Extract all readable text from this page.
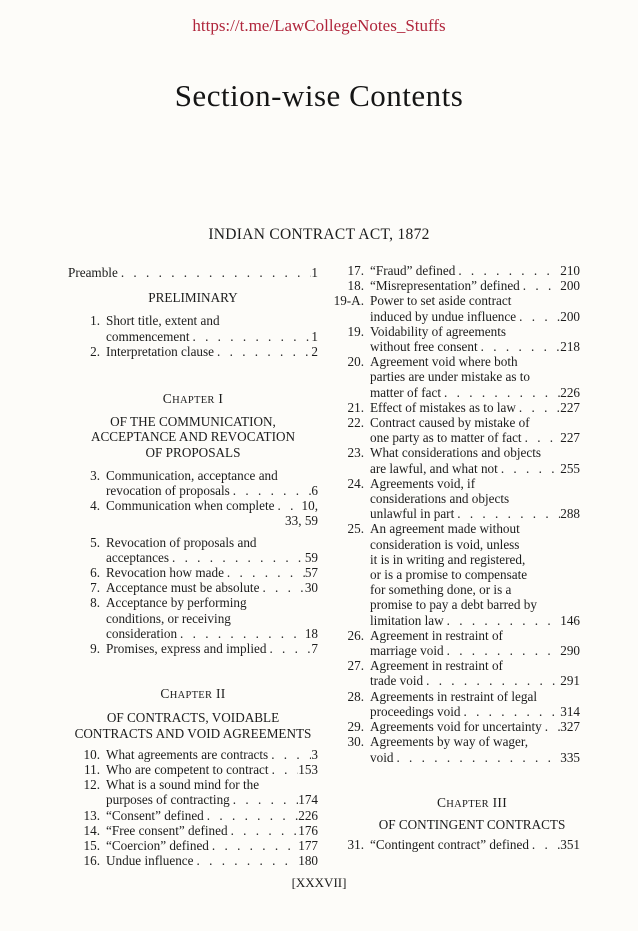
https://t.me/LawCollegeNotes_Stuffs
Section-wise Contents
INDIAN CONTRACT ACT, 1872
Preamble . . .	1
PRELIMINARY
1. Short title, extent and
commencement . . .	1
2. Interpretation clause . . .	2
CHAPTER I
OF THE COMMUNICATION,
ACCEPTANCE AND REVOCATION
OF PROPOSALS
3. Communication, acceptance and
revocation of proposals . . .	6
4. Communication when complete . . . 10,
33, 59
5. Revocation of proposals and
acceptances . . .	59
6. Revocation how made . . .	57
7. Acceptance must be absolute . . .	30
8. Acceptance by performing
conditions, or receiving
consideration . . .	18
9. Promises, express and implied . . .	7
CHAPTER II
OF CONTRACTS, VOIDABLE
CONTRACTS AND VOID AGREEMENTS
10. What agreements are contracts . . .	3
11. Who are competent to contract . . . 153
12. What is a sound mind for the
purposes of contracting . . .	174
13. “Consent” defined . . .	226
14. “Free consent” defined . . .	176
15. “Coercion” defined . . .	177
16. Undue influence . . .	180
17. “Fraud” defined . . .	210
18. “Misrepresentation” defined . . .	200
19-A. Power to set aside contract
induced by undue influence . . .	200
19. Voidability of agreements
without free consent . . .	218
20. Agreement void where both
parties are under mistake as to
matter of fact . . .	226
21. Effect of mistakes as to law . . .	227
22. Contract caused by mistake of
one party as to matter of fact . . .	227
23. What considerations and objects
are lawful, and what not . . .	255
24. Agreements void, if
considerations and objects
unlawful in part . . .	288
25. An agreement made without
consideration is void, unless
it is in writing and registered,
or is a promise to compensate
for something done, or is a
promise to pay a debt barred by
limitation law . . .	146
26. Agreement in restraint of
marriage void . . .	290
27. Agreement in restraint of
trade void . . .	291
28. Agreements in restraint of legal
proceedings void . . .	314
29. Agreements void for uncertainty . . . 327
30. Agreements by way of wager,
void . . .	335
CHAPTER III
OF CONTINGENT CONTRACTS
31. “Contingent contract” defined . . . 351
[XXXVII]
